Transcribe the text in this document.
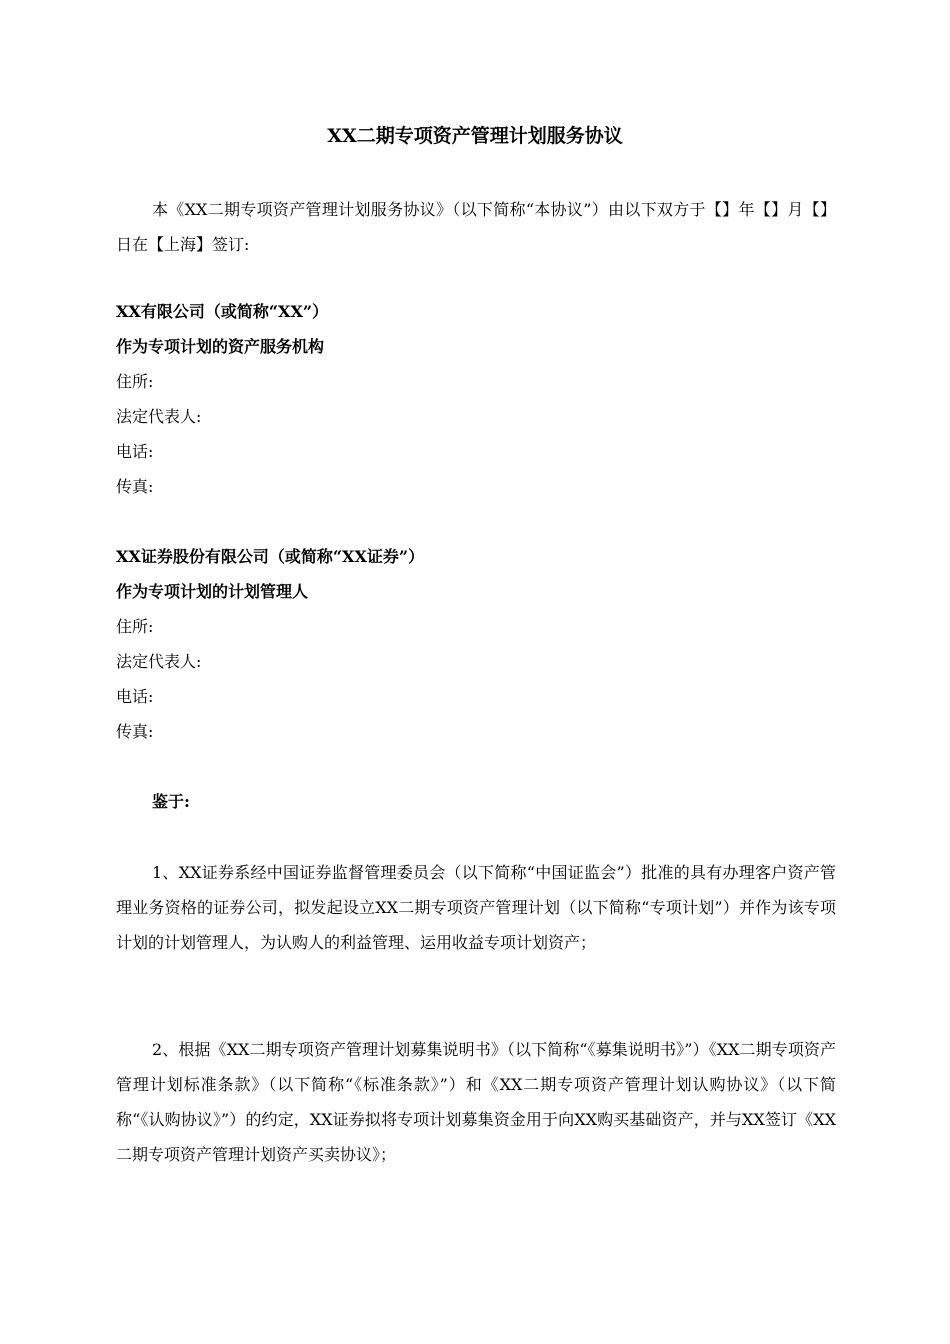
XX二期专项资产管理计划服务协议
本《XX二期专项资产管理计划服务协议》（以下简称“本协议”）由以下双方于【】年【】月【】日在【上海】签订:
XX有限公司（或简称“XX”）
作为专项计划的资产服务机构
住所:
法定代表人:
电话:
传真:
XX证券股份有限公司（或简称“XX证券”）
作为专项计划的计划管理人
住所:
法定代表人:
电话:
传真:
鉴于:
1、XX证券系经中国证券监督管理委员会（以下简称“中国证监会”）批准的具有办理客户资产管理业务资格的证券公司，拟发起设立XX二期专项资产管理计划（以下简称“专项计划”）并作为该专项计划的计划管理人，为认购人的利益管理、运用收益专项计划资产；
2、根据《XX二期专项资产管理计划募集说明书》（以下简称“《募集说明书》”）《XX二期专项资产管理计划标准条款》（以下简称“《标准条款》”）和《XX二期专项资产管理计划认购协议》（以下简称“《认购协议》”）的约定，XX证券拟将专项计划募集资金用于向XX购买基础资产，并与XX签订《XX二期专项资产管理计划资产买卖协议》；
